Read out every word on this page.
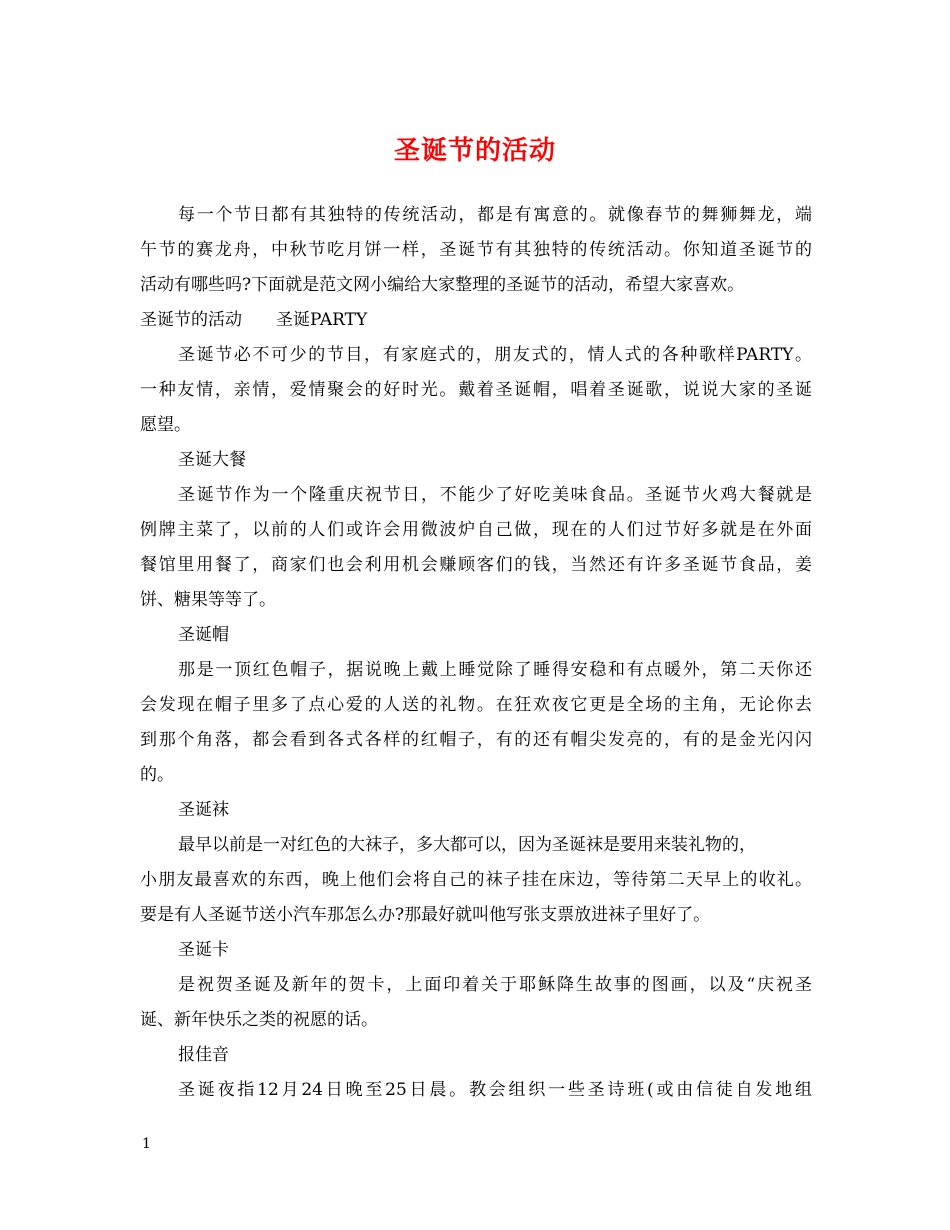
圣诞节的活动
每一个节日都有其独特的传统活动，都是有寓意的。就像春节的舞狮舞龙，端
午节的赛龙舟，中秋节吃月饼一样，圣诞节有其独特的传统活动。你知道圣诞节的
活动有哪些吗?下面就是范文网小编给大家整理的圣诞节的活动，希望大家喜欢。
圣诞节的活动　　圣诞PARTY
圣诞节必不可少的节目，有家庭式的，朋友式的，情人式的各种歌样PARTY。
一种友情，亲情，爱情聚会的好时光。戴着圣诞帽，唱着圣诞歌，说说大家的圣诞
愿望。
圣诞大餐
圣诞节作为一个隆重庆祝节日，不能少了好吃美味食品。圣诞节火鸡大餐就是
例牌主菜了，以前的人们或许会用微波炉自己做，现在的人们过节好多就是在外面
餐馆里用餐了，商家们也会利用机会赚顾客们的钱，当然还有许多圣诞节食品，姜
饼、糖果等等了。
圣诞帽
那是一顶红色帽子，据说晚上戴上睡觉除了睡得安稳和有点暖外，第二天你还
会发现在帽子里多了点心爱的人送的礼物。在狂欢夜它更是全场的主角，无论你去
到那个角落，都会看到各式各样的红帽子，有的还有帽尖发亮的，有的是金光闪闪
的。
圣诞袜
最早以前是一对红色的大袜子，多大都可以，因为圣诞袜是要用来装礼物的，
小朋友最喜欢的东西，晚上他们会将自己的袜子挂在床边，等待第二天早上的收礼。
要是有人圣诞节送小汽车那怎么办?那最好就叫他写张支票放进袜子里好了。
圣诞卡
是祝贺圣诞及新年的贺卡，上面印着关于耶稣降生故事的图画，以及“庆祝圣
诞、新年快乐之类的祝愿的话。
报佳音
圣诞夜指12月24日晚至25日晨。教会组织一些圣诗班(或由信徒自发地组
1
